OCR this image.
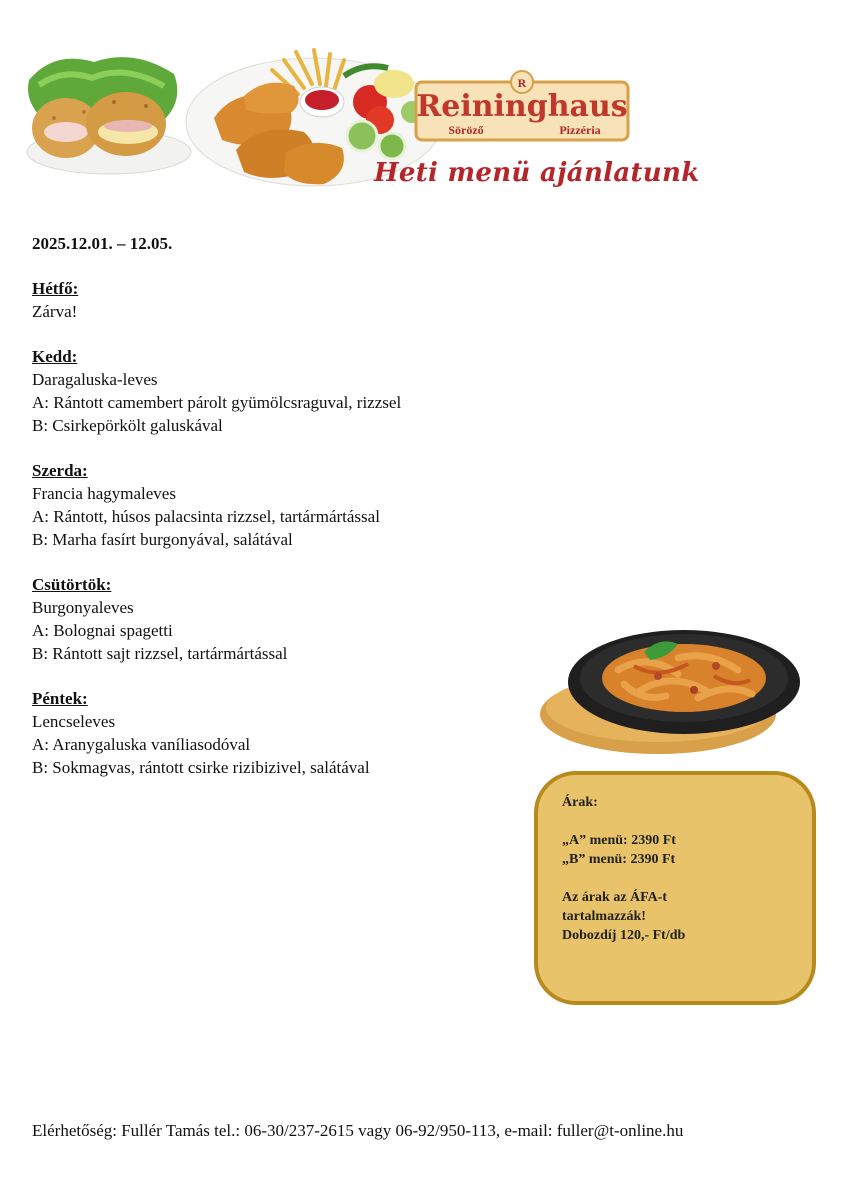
R
Reininghaus
Söröző	Pizzéria
Heti menü ajánlatunk
2025.12.01. – 12.05.
Hétfő:
Zárva!
Kedd:
Daragaluska-leves
A: Rántott camembert párolt gyümölcsraguval, rizzsel
B: Csirkepörkölt galuskával
Szerda:
Francia hagymaleves
A: Rántott, húsos palacsinta rizzsel, tartármártással
B: Marha fasírt burgonyával, salátával
Csütörtök:
Burgonyaleves
A: Bolognai spagetti
B: Rántott sajt rizzsel, tartármártással
Péntek:
Lencseleves
A: Aranygaluska vaníliasodóval
B: Sokmagvas, rántott csirke rizibizivel, salátával
Árak:
„A” menü: 2390 Ft
„B” menü: 2390 Ft
Az árak az ÁFA-t
tartalmazzák!
Dobozdíj 120,- Ft/db
Elérhetőség: Fullér Tamás tel.: 06-30/237-2615 vagy 06-92/950-113, e-mail: fuller@t-online.hu
